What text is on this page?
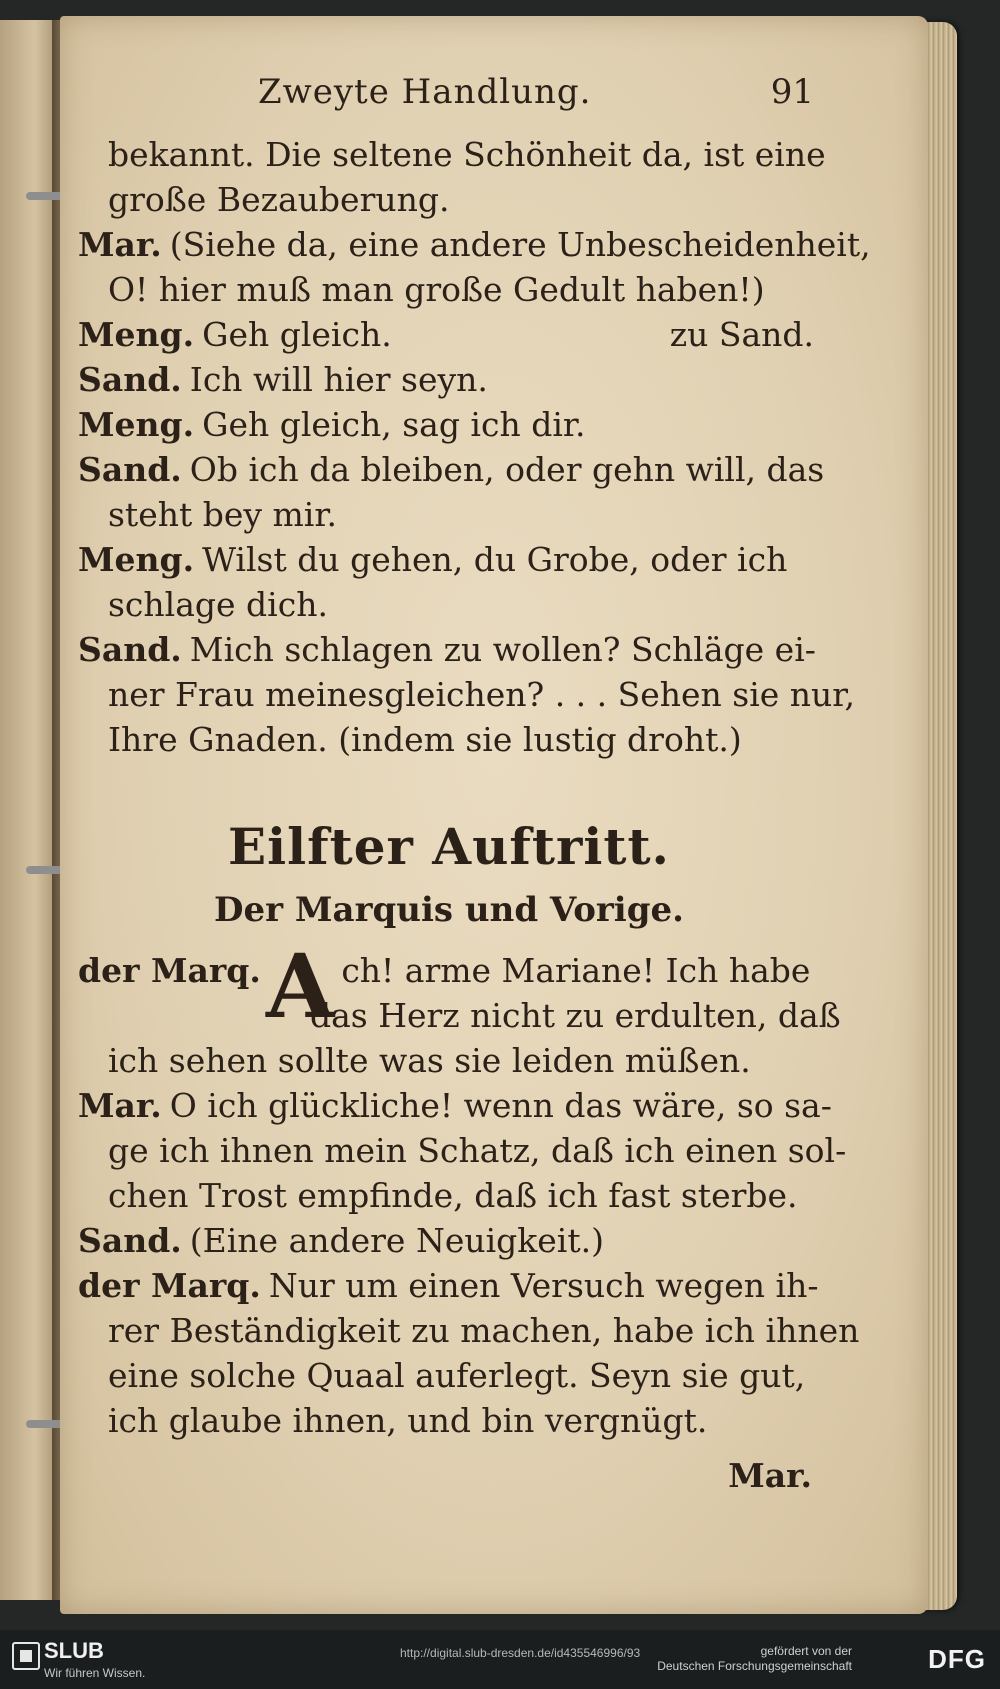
Zweyte Handlung.	91
bekannt. Die seltene Schönheit da, ist eine
große Bezauberung.
Mar. (Siehe da, eine andere Unbescheidenheit,
O! hier muß man große Gedult haben!)
Meng. Geh gleich.	zu Sand.
Sand. Ich will hier seyn.
Meng. Geh gleich, sag ich dir.
Sand. Ob ich da bleiben, oder gehn will, das
steht bey mir.
Meng. Wilst du gehen, du Grobe, oder ich
schlage dich.
Sand. Mich schlagen zu wollen? Schläge ei-
ner Frau meinesgleichen? . . . Sehen sie nur,
Ihre Gnaden. (indem sie lustig droht.)
Eilfter Auftritt.
Der Marquis und Vorige.
der Marq. A ch! arme Mariane! Ich habe
das Herz nicht zu erdulten, daß
ich sehen sollte was sie leiden müßen.
Mar. O ich glückliche! wenn das wäre, so sa-
ge ich ihnen mein Schatz, daß ich einen sol-
chen Trost empfinde, daß ich fast sterbe.
Sand. (Eine andere Neuigkeit.)
der Marq. Nur um einen Versuch wegen ih-
rer Beständigkeit zu machen, habe ich ihnen
eine solche Quaal auferlegt. Seyn sie gut,
ich glaube ihnen, und bin vergnügt.
Mar.
SLUB
Wir führen Wissen.
http://digital.slub-dresden.de/id435546996/93	gefördert von der
Deutschen Forschungsgemeinschaft	DFG
